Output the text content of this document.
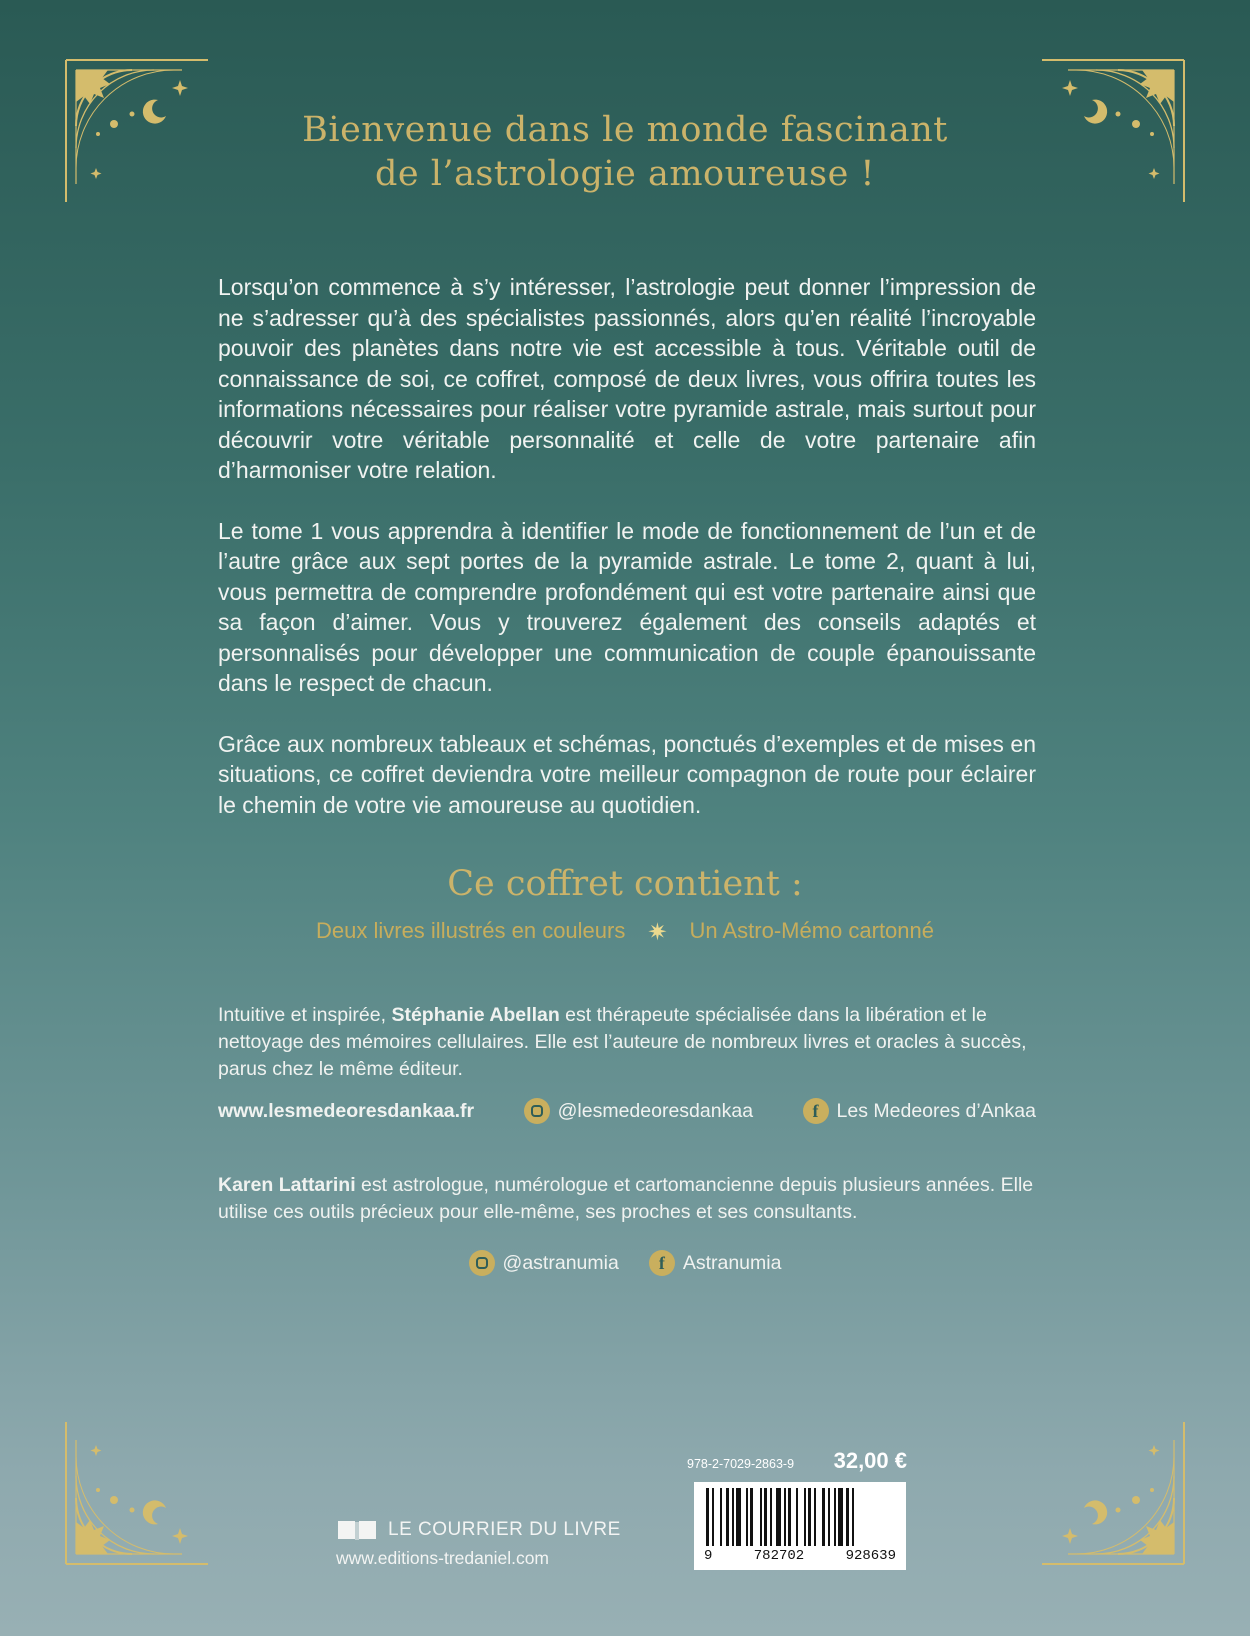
Bienvenue dans le monde fascinant
de l’astrologie amoureuse !

Lorsqu’on commence à s’y intéresser, l’astrologie peut donner l’impression de ne s’adresser qu’à des spécialistes passionnés, alors qu’en réalité l’incroyable pouvoir des planètes dans notre vie est accessible à tous. Véritable outil de connaissance de soi, ce coffret, composé de deux livres, vous offrira toutes les informations nécessaires pour réaliser votre pyramide astrale, mais surtout pour découvrir votre véritable personnalité et celle de votre partenaire afin d’harmoniser votre relation.

Le tome 1 vous apprendra à identifier le mode de fonctionnement de l’un et de l’autre grâce aux sept portes de la pyramide astrale. Le tome 2, quant à lui, vous permettra de comprendre profondément qui est votre partenaire ainsi que sa façon d’aimer. Vous y trouverez également des conseils adaptés et personnalisés pour développer une communication de couple épanouissante dans le respect de chacun.

Grâce aux nombreux tableaux et schémas, ponctués d’exemples et de mises en situations, ce coffret deviendra votre meilleur compagnon de route pour éclairer le chemin de votre vie amoureuse au quotidien.

Ce coffret contient :
Deux livres illustrés en couleurs ✷ Un Astro-Mémo cartonné
Intuitive et inspirée, Stéphanie Abellan est thérapeute spécialisée dans la libération et le nettoyage des mémoires cellulaires. Elle est l’auteure de nombreux livres et oracles à succès, parus chez le même éditeur.
www.lesmedeoresdankaa.fr	@lesmedeoresdankaa	f Les Medeores d’Ankaa
Karen Lattarini est astrologue, numérologue et cartomancienne depuis plusieurs années. Elle utilise ces outils précieux pour elle-même, ses proches et ses consultants.
@astranumia	f Astranumia
LE COURRIER DU LIVRE
www.editions-tredaniel.com
978-2-7029-2863-9 32,00 €
9	782702	928639
